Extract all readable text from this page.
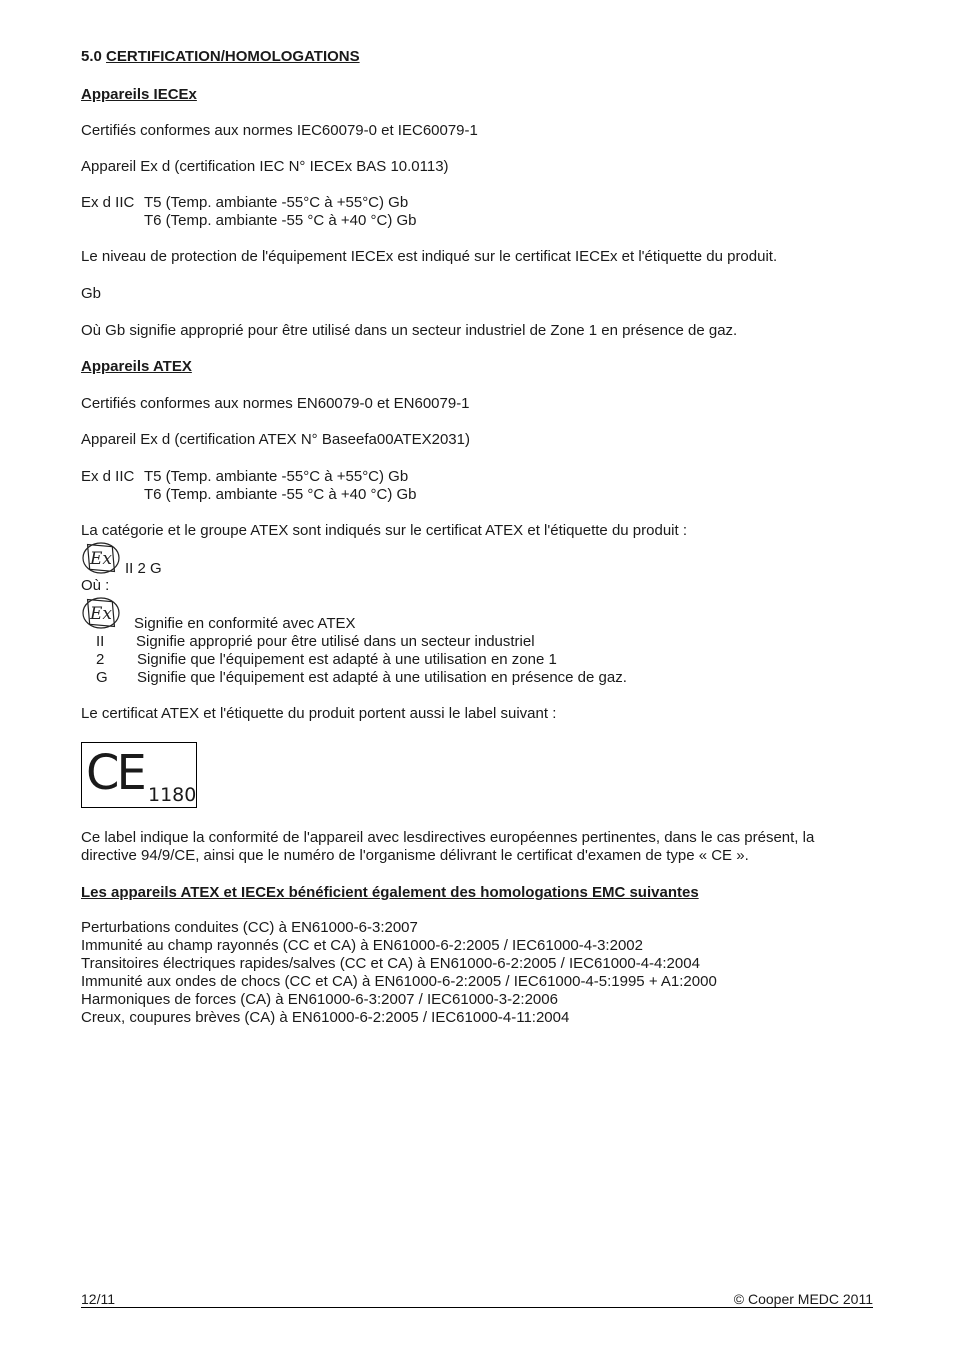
5.0 CERTIFICATION/HOMOLOGATIONS
Appareils IECEx
Certifiés conformes aux normes IEC60079-0 et IEC60079-1
Appareil Ex d (certification IEC N° IECEx BAS 10.0113)
Ex d IIC T5 (Temp. ambiante -55°C à +55°C) Gb
T6 (Temp. ambiante -55 °C à +40 °C) Gb
Le niveau de protection de l'équipement IECEx est indiqué sur le certificat IECEx et l'étiquette du produit.
Gb
Où Gb signifie approprié pour être utilisé dans un secteur industriel de Zone 1 en présence de gaz.
Appareils ATEX
Certifiés conformes aux normes EN60079-0 et EN60079-1
Appareil Ex d (certification ATEX N° Baseefa00ATEX2031)
Ex d IIC T5 (Temp. ambiante -55°C à +55°C) Gb
T6 (Temp. ambiante -55 °C à +40 °C) Gb
La catégorie et le groupe ATEX sont indiqués sur le certificat ATEX et l'étiquette du produit :
Ex II 2 G
Où :
Ex Signifie en conformité avec ATEX
II Signifie approprié pour être utilisé dans un secteur industriel
2 Signifie que l'équipement est adapté à une utilisation en zone 1
G Signifie que l'équipement est adapté à une utilisation en présence de gaz.
Le certificat ATEX et l'étiquette du produit portent aussi le label suivant :
CE 1180
Ce label indique la conformité de l'appareil avec lesdirectives européennes pertinentes, dans le cas présent, la
directive 94/9/CE, ainsi que le numéro de l'organisme délivrant le certificat d'examen de type « CE ».
Les appareils ATEX et IECEx bénéficient également des homologations EMC suivantes
Perturbations conduites (CC) à EN61000-6-3:2007
Immunité au champ rayonnés (CC et CA) à EN61000-6-2:2005 / IEC61000-4-3:2002
Transitoires électriques rapides/salves (CC et CA) à EN61000-6-2:2005 / IEC61000-4-4:2004
Immunité aux ondes de chocs (CC et CA) à EN61000-6-2:2005 / IEC61000-4-5:1995 + A1:2000
Harmoniques de forces (CA) à EN61000-6-3:2007 / IEC61000-3-2:2006
Creux, coupures brèves (CA) à EN61000-6-2:2005 / IEC61000-4-11:2004
12/11	© Cooper MEDC 2011
